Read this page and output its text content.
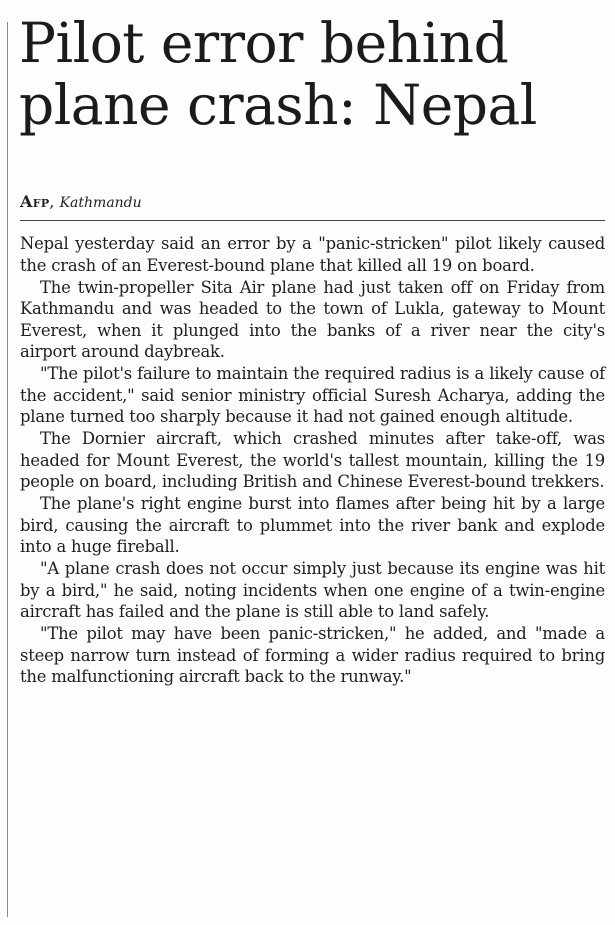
Pilot error behind plane crash: Nepal
Afp, Kathmandu

Nepal yesterday said an error by a "panic-stricken" pilot likely caused the crash of an Everest-bound plane that killed all 19 on board.

The twin-propeller Sita Air plane had just taken off on Friday from Kathmandu and was headed to the town of Lukla, gateway to Mount Everest, when it plunged into the banks of a river near the city's airport around daybreak.

"The pilot's failure to maintain the required radius is a likely cause of the accident," said senior ministry official Suresh Acharya, adding the plane turned too sharply because it had not gained enough altitude.

The Dornier aircraft, which crashed minutes after take-off, was headed for Mount Everest, the world's tallest mountain, killing the 19 people on board, including British and Chinese Everest-bound trekkers.

The plane's right engine burst into flames after being hit by a large bird, causing the aircraft to plummet into the river bank and explode into a huge fireball.

"A plane crash does not occur simply just because its engine was hit by a bird," he said, noting incidents when one engine of a twin-engine aircraft has failed and the plane is still able to land safely.

"The pilot may have been panic-stricken," he added, and "made a steep narrow turn instead of forming a wider radius required to bring the malfunctioning aircraft back to the runway."
